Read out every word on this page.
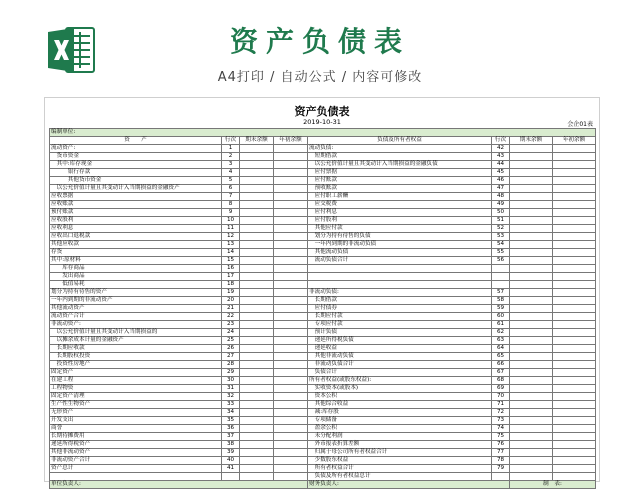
资产负债表
A4打印 / 自动公式 / 内容可修改
资产负债表
2019-10-31	会企01表
编制单位:							
资　　产	行次	期末余额	年初余额	负债及所有者权益	行次	期末余额	年初余额
流动资产:	1			流动负债:	42		
　货币资金	2			　短期借款	43		
　其中:库存现金	3			　以公允价值计量且其变动计入当期损益的金融负债	44		
　　　银行存款	4			　应付票据	45		
　　　其他货币资金	5			　应付账款	46		
　以公允价值计量且其变动计入当期损益的金融资产	6			　预收账款	47		
应收票据	7			　应付职工薪酬	48		
应收账款	8			　应交税费	49		
预付账款	9			　应付利息	50		
应收股利	10			　应付股利	51		
应收利息	11			　其他应付款	52		
应收出口退税款	12			　划分为持有待售的负债	53		
其他应收款	13			　一年内到期的非流动负债	54		
存货	14			　其他流动负债	55		
其中:原材料	15			　流动负债合计	56		
　　库存商品	16						
　　发出商品	17						
　　低值易耗	18						
划分为持有待售的资产	19			非流动负债:	57		
一年内到期的非流动资产	20			　长期借款	58		
其他流动资产	21			　应付债券	59		
流动资产合计	22			　长期应付款	60		
非流动资产:	23			　专项应付款	61		
　以公允价值计量且其变动计入当期损益的	24			　预计负债	62		
　以摊余成本计量的金融资产	25			　递延所得税负债	63		
　长期应收款	26			　递延收益	64		
　长期股权投资	27			　其他非流动负债	65		
　投资性房地产	28			　非流动负债合计	66		
固定资产	29			　负债合计	67		
在建工程	30			所有者权益(或股东权益):	68		
工程物资	31			　实收资本(或股本)	69		
固定资产清理	32			　资本公积	70		
生产性生物资产	33			　其他综合收益	71		
无形资产	34			　减:库存股	72		
开发支出	35			　专项储备	73		
商誉	36			　盈余公积	74		
长期待摊费用	37			　未分配利润	75		
递延所得税资产	38			　外币报表折算差额	76		
其他非流动资产	39			　归属于母公司所有者权益合计	77		
非流动资产合计	40			　少数股东权益	78		
资产总计	41			　所有者权益合计	79		
				　负债及所有者权益总计			
单位负责人:				财务负责人:		制　表:	
